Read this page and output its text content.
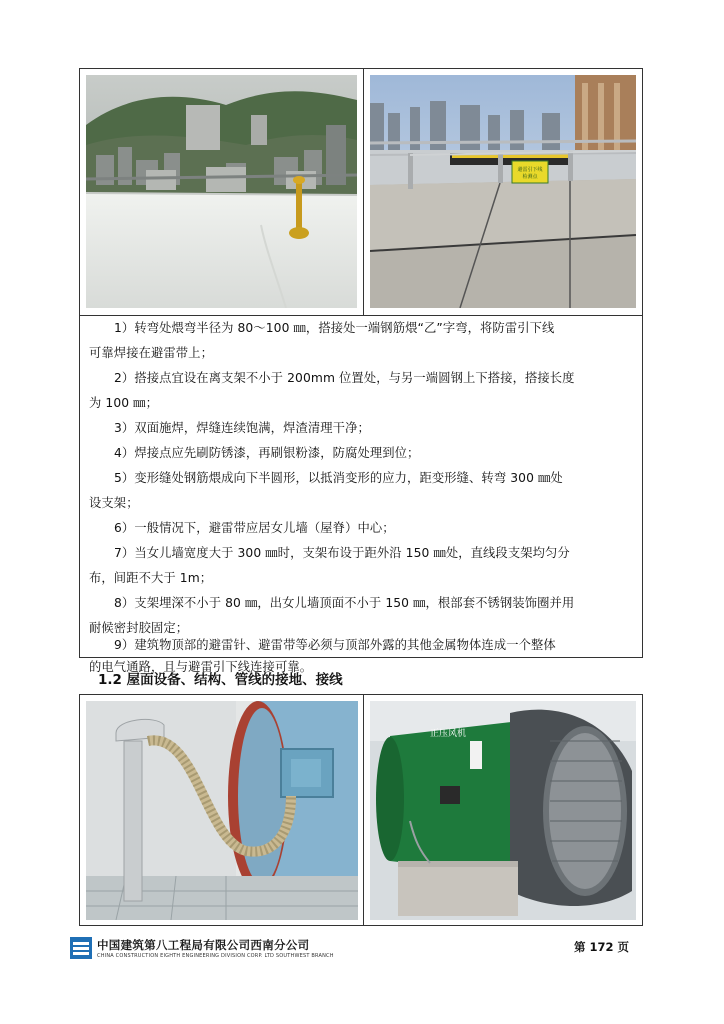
避雷引下线
检测点
1）转弯处煨弯半径为 80～100 ㎜，搭接处一端钢筋煨“乙”字弯，将防雷引下线
可靠焊接在避雷带上；
2）搭接点宜设在离支架不小于 200mm 位置处，与另一端圆钢上下搭接，搭接长度
为 100 ㎜；
3）双面施焊，焊缝连续饱满，焊渣清理干净；
4）焊接点应先刷防锈漆，再刷银粉漆，防腐处理到位；
5）变形缝处钢筋煨成向下半圆形，以抵消变形的应力，距变形缝、转弯 300 ㎜处
设支架；
6）一般情况下，避雷带应居女儿墙（屋脊）中心；
7）当女儿墙宽度大于 300 ㎜时，支架布设于距外沿 150 ㎜处，直线段支架均匀分
布，间距不大于 1m；
8）支架埋深不小于 80 ㎜，出女儿墙顶面不小于 150 ㎜，根部套不锈钢装饰圈并用
耐候密封胶固定；
9）建筑物顶部的避雷针、避雷带等必须与顶部外露的其他金属物体连成一个整体
的电气通路，且与避雷引下线连接可靠。
1.2 屋面设备、结构、管线的接地、接线
正压风机
中国建筑第八工程局有限公司西南分公司
CHINA CONSTRUCTION EIGHTH ENGINEERING DIVISION CORP. LTD SOUTHWEST BRANCH
第 172 页
